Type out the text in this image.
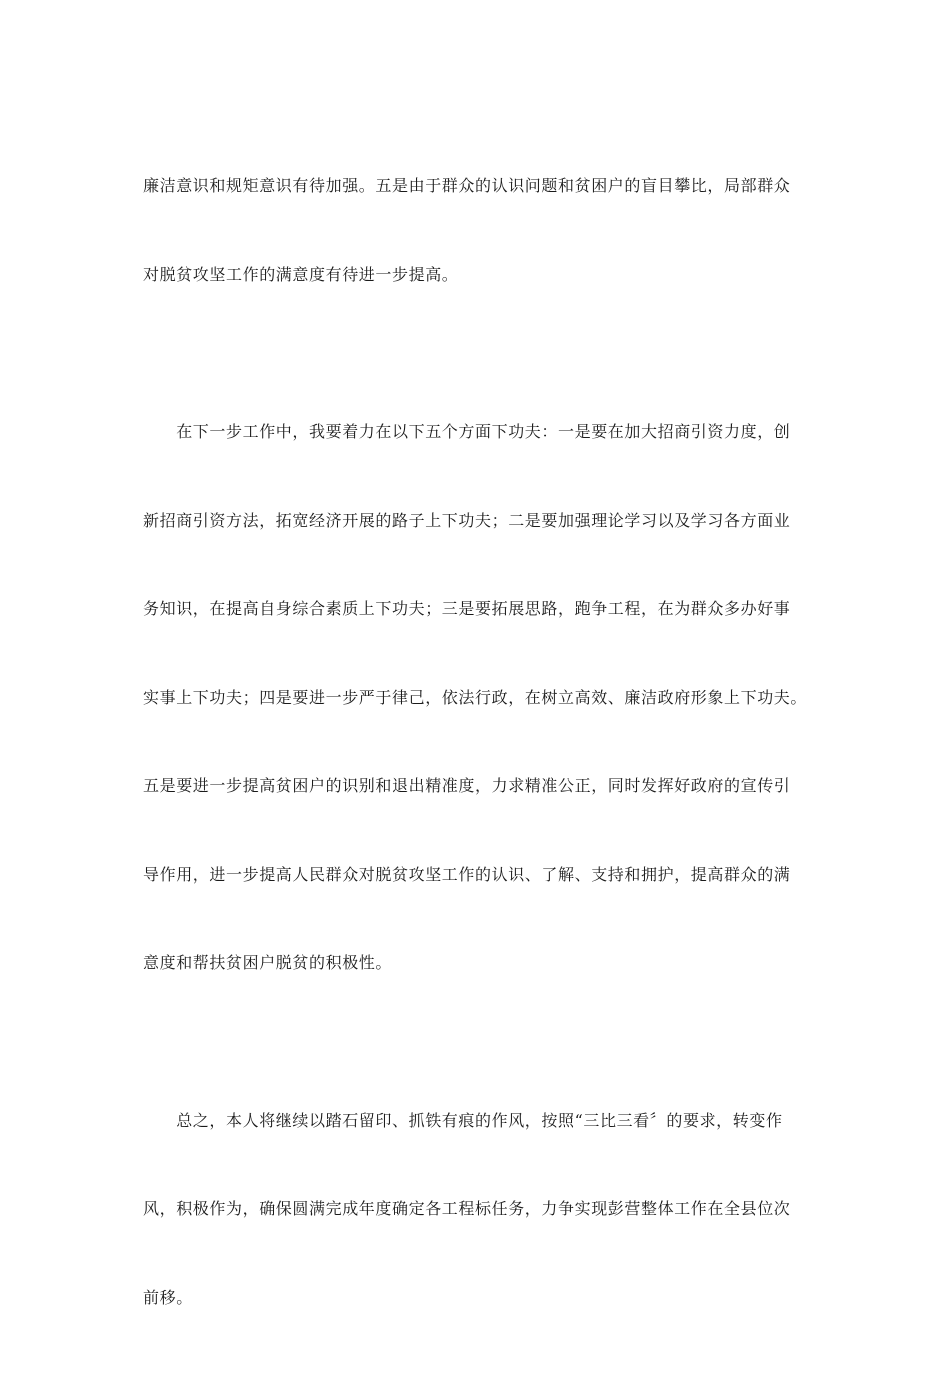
廉洁意识和规矩意识有待加强。五是由于群众的认识问题和贫困户的盲目攀比，局部群众

对脱贫攻坚工作的满意度有待进一步提高。

　　在下一步工作中，我要着力在以下五个方面下功夫：一是要在加大招商引资力度，创

新招商引资方法，拓宽经济开展的路子上下功夫；二是要加强理论学习以及学习各方面业

务知识，在提高自身综合素质上下功夫；三是要拓展思路，跑争工程，在为群众多办好事

实事上下功夫；四是要进一步严于律己，依法行政，在树立高效、廉洁政府形象上下功夫。

五是要进一步提高贫困户的识别和退出精准度，力求精准公正，同时发挥好政府的宣传引

导作用，进一步提高人民群众对脱贫攻坚工作的认识、了解、支持和拥护，提高群众的满

意度和帮扶贫困户脱贫的积极性。

　　总之，本人将继续以踏石留印、抓铁有痕的作风，按照“三比三看〞的要求，转变作

风，积极作为，确保圆满完成年度确定各工程标任务，力争实现彭营整体工作在全县位次

前移。
